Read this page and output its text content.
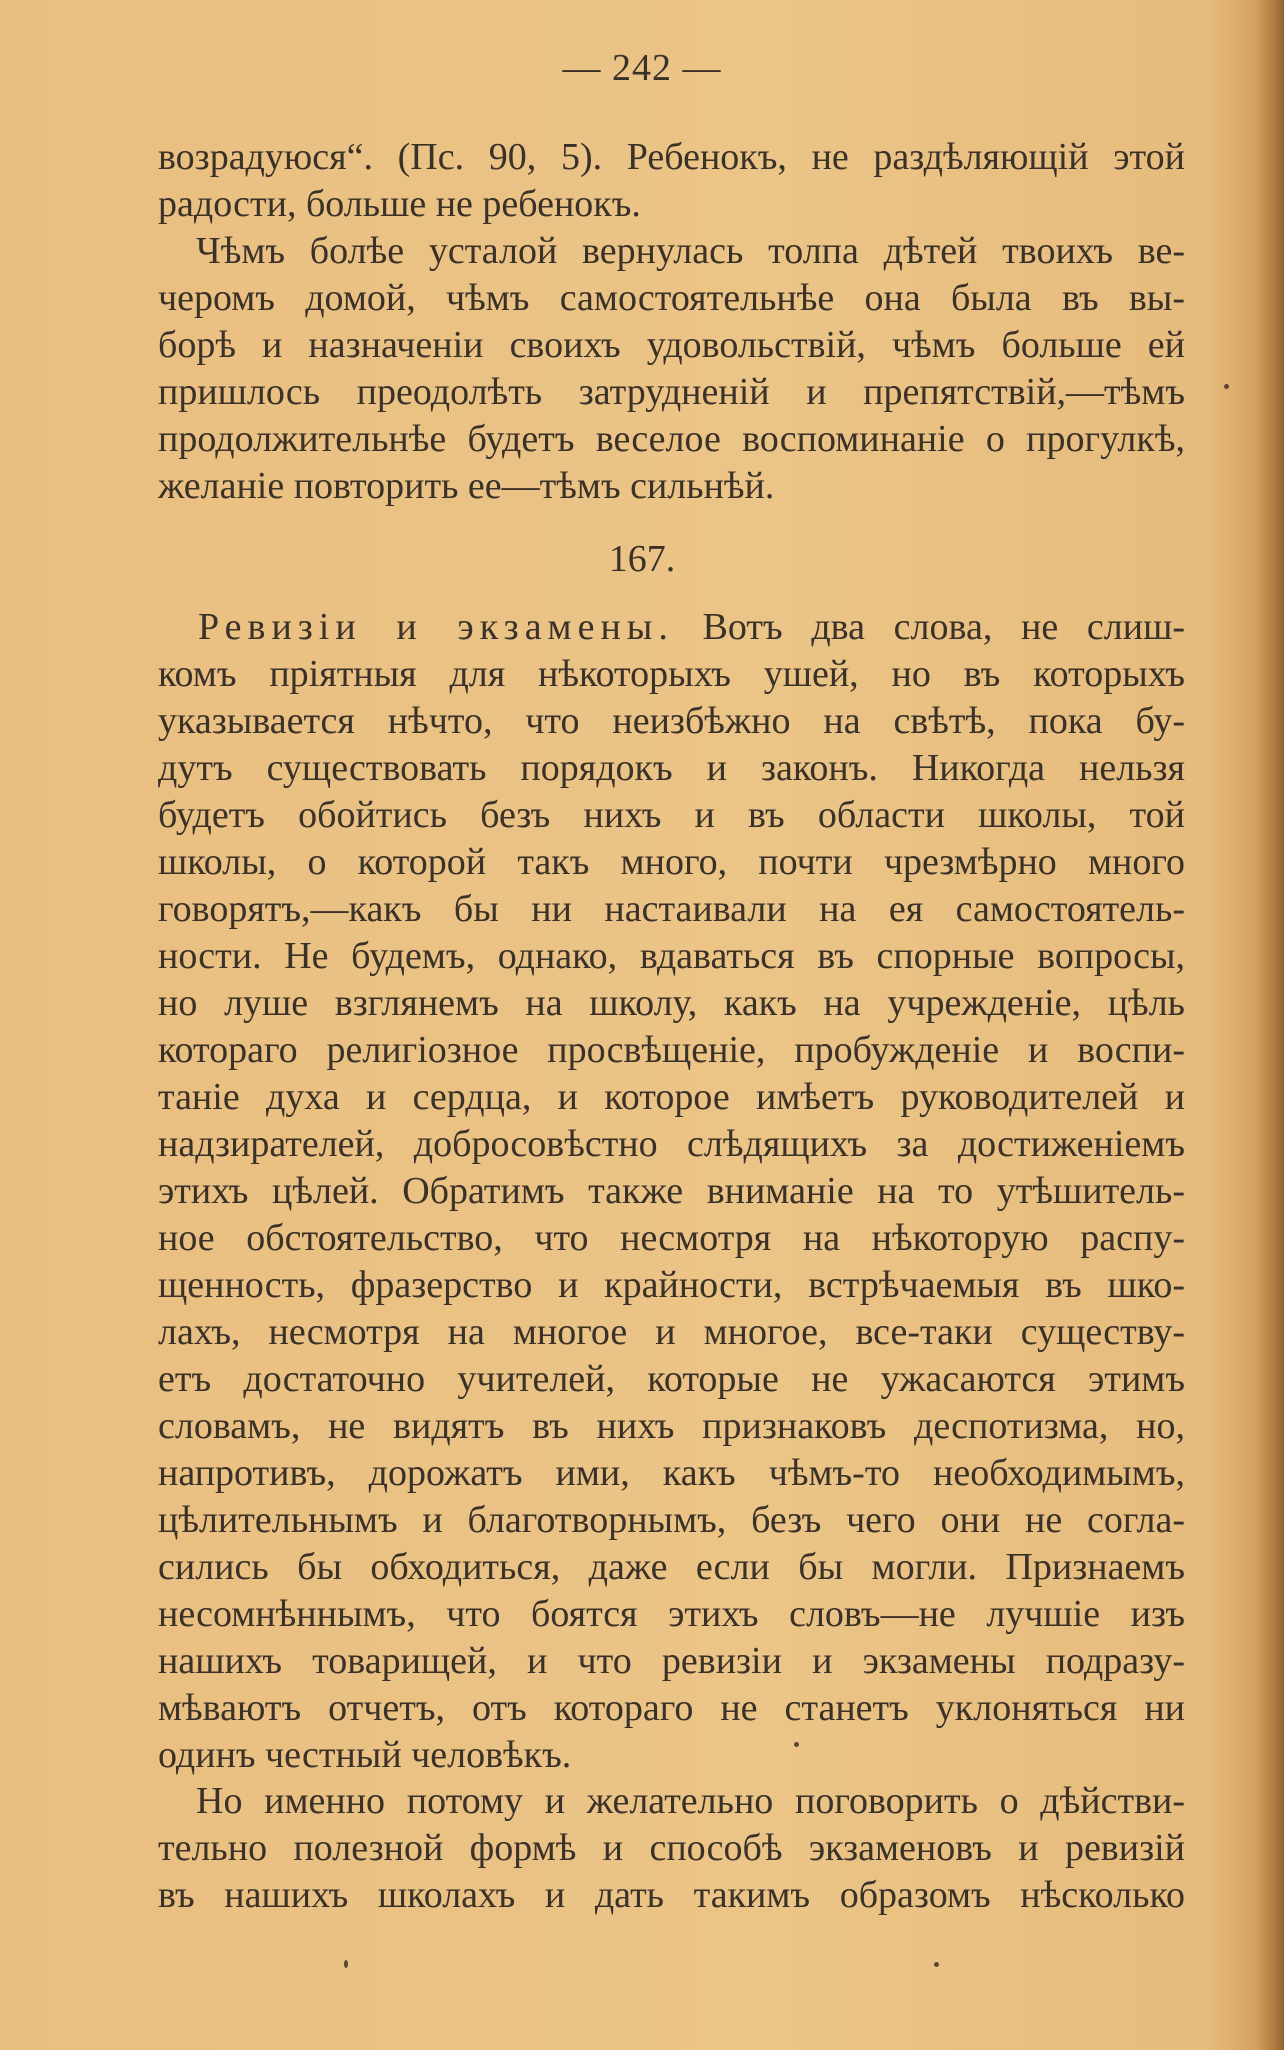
— 242 —
возрадуюся“. (Пс. 90, 5). Ребенокъ, не раздѣляющій этой
радости, больше не ребенокъ.
Чѣмъ болѣе усталой вернулась толпа дѣтей твоихъ ве-
черомъ домой, чѣмъ самостоятельнѣе она была въ вы-
борѣ и назначеніи своихъ удовольствій, чѣмъ больше ей
пришлось преодолѣть затрудненій и препятствій,—тѣмъ
продолжительнѣе будетъ веселое воспоминаніе о прогулкѣ,
желаніе повторить ее—тѣмъ сильнѣй.
167.
Ревизіи и экзамены. Вотъ два слова, не слиш-
комъ пріятныя для нѣкоторыхъ ушей, но въ которыхъ
указывается нѣчто, что неизбѣжно на свѣтѣ, пока бу-
дутъ существовать порядокъ и законъ. Никогда нельзя
будетъ обойтись безъ нихъ и въ области школы, той
школы, о которой такъ много, почти чрезмѣрно много
говорятъ,—какъ бы ни настаивали на ея самостоятель-
ности. Не будемъ, однако, вдаваться въ спорные вопросы,
но луше взглянемъ на школу, какъ на учрежденіе, цѣль
котораго религіозное просвѣщеніе, пробужденіе и воспи-
таніе духа и сердца, и которое имѣетъ руководителей и
надзирателей, добросовѣстно слѣдящихъ за достиженіемъ
этихъ цѣлей. Обратимъ также вниманіе на то утѣшитель-
ное обстоятельство, что несмотря на нѣкоторую распу-
щенность, фразерство и крайности, встрѣчаемыя въ шко-
лахъ, несмотря на многое и многое, все-таки существу-
етъ достаточно учителей, которые не ужасаются этимъ
словамъ, не видятъ въ нихъ признаковъ деспотизма, но,
напротивъ, дорожатъ ими, какъ чѣмъ-то необходимымъ,
цѣлительнымъ и благотворнымъ, безъ чего они не согла-
сились бы обходиться, даже если бы могли. Признаемъ
несомнѣннымъ, что боятся этихъ словъ—не лучшіе изъ
нашихъ товарищей, и что ревизіи и экзамены подразу-
мѣваютъ отчетъ, отъ котораго не станетъ уклоняться ни
одинъ честный человѣкъ.
Но именно потому и желательно поговорить о дѣйстви-
тельно полезной формѣ и способѣ экзаменовъ и ревизій
въ нашихъ школахъ и дать такимъ образомъ нѣсколько
